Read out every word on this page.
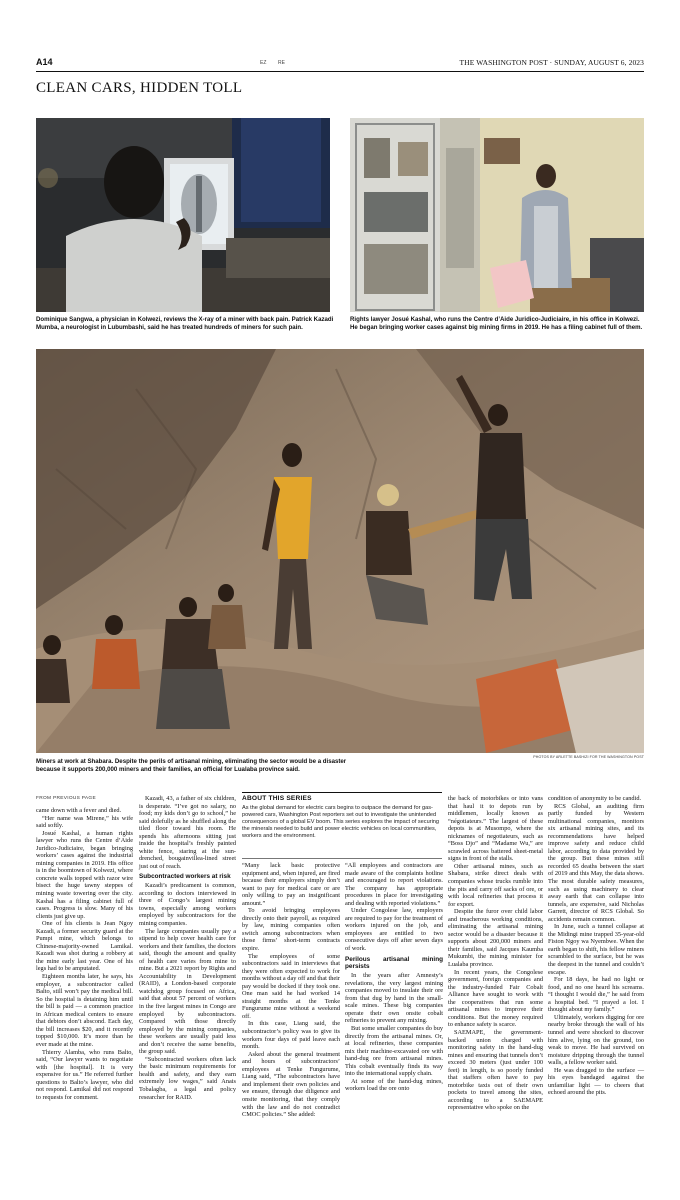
A14	EZ RE	THE WASHINGTON POST · SUNDAY, AUGUST 6, 2023
CLEAN CARS, HIDDEN TOLL
Dominique Sangwa, a physician in Kolwezi, reviews the X-ray of a miner with back pain. Patrick Kazadi Mumba, a neurologist in Lubumbashi, said he has treated hundreds of miners for such pain.
Rights lawyer Josué Kashal, who runs the Centre d’Aide Juridico-Judiciaire, in his office in Kolwezi. He began bringing worker cases against big mining firms in 2019. He has a filing cabinet full of them.
Miners at work at Shabara. Despite the perils of artisanal mining, eliminating the sector would be a disaster because it supports 200,000 miners and their families, an official for Lualaba province said.
PHOTOS BY ARLETTE BASHIZI FOR THE WASHINGTON POST
FROM PREVIOUS PAGE

came down with a fever and died.

“Her name was Mirene,” his wife said softly.

Josué Kashal, a human rights lawyer who runs the Centre d’Aide Juridico-Judiciaire, began bringing workers’ cases against the industrial mining companies in 2019. His office is in the boomtown of Kolwezi, where concrete walls topped with razor wire bisect the huge tawny steppes of mining waste towering over the city. Kashal has a filing cabinet full of cases. Progress is slow. Many of his clients just give up.

One of his clients is Jean Ngoy Kazadi, a former security guard at the Pumpi mine, which belongs to Chinese-majority-owned Lamikal. Kazadi was shot during a robbery at the mine early last year. One of his legs had to be amputated.

Eighteen months later, he says, his employer, a subcontractor called Balto, still won’t pay the medical bill. So the hospital is detaining him until the bill is paid — a common practice in African medical centers to ensure that debtors don’t abscond. Each day, the bill increases $20, and it recently topped $10,000. It’s more than he ever made at the mine.

Thierry Alamba, who runs Balto, said, “Our lawyer wants to negotiate with [the hospital]. It is very expensive for us.” He referred further questions to Balto’s lawyer, who did not respond. Lamikal did not respond to requests for comment.

Kazadi, 43, a father of six children, is desperate. “I’ve got no salary, no food; my kids don’t go to school,” he said dolefully as he shuffled along the tiled floor toward his room. He spends his afternoons sitting just inside the hospital’s freshly painted white fence, staring at the sun-drenched, bougainvillea-lined street just out of reach.

Subcontracted workers at risk

Kazadi’s predicament is common, according to doctors interviewed in three of Congo’s largest mining towns, especially among workers employed by subcontractors for the mining companies.

The large companies usually pay a stipend to help cover health care for workers and their families, the doctors said, though the amount and quality of health care varies from mine to mine. But a 2021 report by Rights and Accountability in Development (RAID), a London-based corporate watchdog group focused on Africa, said that about 57 percent of workers in the five largest mines in Congo are employed by subcontractors. Compared with those directly employed by the mining companies, these workers are usually paid less and don’t receive the same benefits, the group said.

“Subcontracted workers often lack the basic minimum requirements for health and safety, and they earn extremely low wages,” said Anais Tobalagba, a legal and policy researcher for RAID.

ABOUT THIS SERIES
As the global demand for electric cars begins to outpace the demand for gas-powered cars, Washington Post reporters set out to investigate the unintended consequences of a global EV boom. This series explores the impact of securing the minerals needed to build and power electric vehicles on local communities, workers and the environment.

“Many lack basic protective equipment and, when injured, are fired because their employers simply don’t want to pay for medical care or are only willing to pay an insignificant amount.”

To avoid bringing employees directly onto their payroll, as required by law, mining companies often switch among subcontractors when those firms’ short-term contracts expire.

The employees of some subcontractors said in interviews that they were often expected to work for months without a day off and that their pay would be docked if they took one. One man said he had worked 14 straight months at the Tenke Fungurume mine without a weekend off.

In this case, Liang said, the subcontractor’s policy was to give its workers four days of paid leave each month.

Asked about the general treatment and hours of subcontractors’ employees at Tenke Fungurume, Liang said, “The subcontractors have and implement their own policies and we ensure, through due diligence and onsite monitoring, that they comply with the law and do not contradict CMOC policies.” She added:

“All employees and contractors are made aware of the complaints hotline and encouraged to report violations. The company has appropriate procedures in place for investigating and dealing with reported violations.”

Under Congolese law, employers are required to pay for the treatment of workers injured on the job, and employees are entitled to two consecutive days off after seven days of work.

Perilous artisanal mining persists

In the years after Amnesty’s revelations, the very largest mining companies moved to insulate their ore from that dug by hand in the small-scale mines. These big companies operate their own onsite cobalt refineries to prevent any mixing.

But some smaller companies do buy directly from the artisanal mines. Or, at local refineries, these companies mix their machine-excavated ore with hand-dug ore from artisanal mines. This cobalt eventually finds its way into the international supply chain.

At some of the hand-dug mines, workers load the ore onto

the back of motorbikes or into vans that haul it to depots run by middlemen, locally known as “négotiateurs.” The largest of these depots is at Musompo, where the nicknames of negotiateurs, such as “Boss Djo” and “Madame Wu,” are scrawled across battered sheet-metal signs in front of the stalls.

Other artisanal mines, such as Shabara, strike direct deals with companies whose trucks rumble into the pits and carry off sacks of ore, or with local refineries that process it for export.

Despite the furor over child labor and treacherous working conditions, eliminating the artisanal mining sector would be a disaster because it supports about 200,000 miners and their families, said Jacques Kaumba Mukumbi, the mining minister for Lualaba province.

In recent years, the Congolese government, foreign companies and the industry-funded Fair Cobalt Alliance have sought to work with the cooperatives that run some artisanal mines to improve their conditions. But the money required to enhance safety is scarce.

SAEMAPE, the government-backed union charged with monitoring safety in the hand-dug mines and ensuring that tunnels don’t exceed 30 meters (just under 100 feet) in length, is so poorly funded that staffers often have to pay motorbike taxis out of their own pockets to travel among the sites, according to a SAEMAPE representative who spoke on the

condition of anonymity to be candid.

RCS Global, an auditing firm partly funded by Western multinational companies, monitors six artisanal mining sites, and its recommendations have helped improve safety and reduce child labor, according to data provided by the group. But these mines still recorded 65 deaths between the start of 2019 and this May, the data shows. The most durable safety measures, such as using machinery to clear away earth that can collapse into tunnels, are expensive, said Nicholas Garrett, director of RCS Global. So accidents remain common.

In June, such a tunnel collapse at the Midingi mine trapped 35-year-old Fiston Ngoy wa Nyembwe. When the earth began to shift, his fellow miners scrambled to the surface, but he was the deepest in the tunnel and couldn’t escape.

For 18 days, he had no light or food, and no one heard his screams. “I thought I would die,” he said from a hospital bed. “I prayed a lot. I thought about my family.”

Ultimately, workers digging for ore nearby broke through the wall of his tunnel and were shocked to discover him alive, lying on the ground, too weak to move. He had survived on moisture dripping through the tunnel walls, a fellow worker said.

He was dragged to the surface — his eyes bandaged against the unfamiliar light — to cheers that echoed around the pits.
